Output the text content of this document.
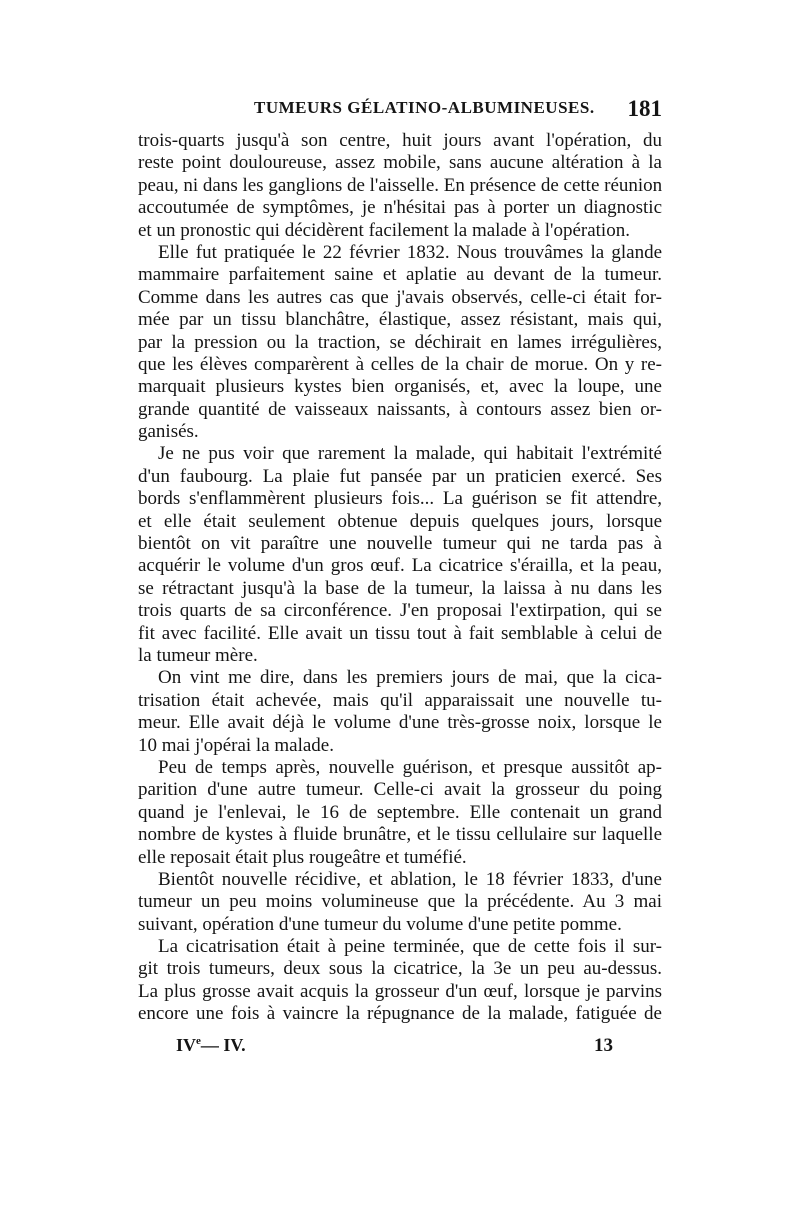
TUMEURS GÉLATINO-ALBUMINEUSES. 181
trois-quarts jusqu'à son centre, huit jours avant l'opération, du
reste point douloureuse, assez mobile, sans aucune altération à la
peau, ni dans les ganglions de l'aisselle. En présence de cette réunion
accoutumée de symptômes, je n'hésitai pas à porter un diagnostic
et un pronostic qui décidèrent facilement la malade à l'opération.
Elle fut pratiquée le 22 février 1832. Nous trouvâmes la glande
mammaire parfaitement saine et aplatie au devant de la tumeur.
Comme dans les autres cas que j'avais observés, celle-ci était for-
mée par un tissu blanchâtre, élastique, assez résistant, mais qui,
par la pression ou la traction, se déchirait en lames irrégulières,
que les élèves comparèrent à celles de la chair de morue. On y re-
marquait plusieurs kystes bien organisés, et, avec la loupe, une
grande quantité de vaisseaux naissants, à contours assez bien or-
ganisés.
Je ne pus voir que rarement la malade, qui habitait l'extrémité
d'un faubourg. La plaie fut pansée par un praticien exercé. Ses
bords s'enflammèrent plusieurs fois... La guérison se fit attendre,
et elle était seulement obtenue depuis quelques jours, lorsque
bientôt on vit paraître une nouvelle tumeur qui ne tarda pas à
acquérir le volume d'un gros œuf. La cicatrice s'érailla, et la peau,
se rétractant jusqu'à la base de la tumeur, la laissa à nu dans les
trois quarts de sa circonférence. J'en proposai l'extirpation, qui se
fit avec facilité. Elle avait un tissu tout à fait semblable à celui de
la tumeur mère.
On vint me dire, dans les premiers jours de mai, que la cica-
trisation était achevée, mais qu'il apparaissait une nouvelle tu-
meur. Elle avait déjà le volume d'une très-grosse noix, lorsque le
10 mai j'opérai la malade.
Peu de temps après, nouvelle guérison, et presque aussitôt ap-
parition d'une autre tumeur. Celle-ci avait la grosseur du poing
quand je l'enlevai, le 16 de septembre. Elle contenait un grand
nombre de kystes à fluide brunâtre, et le tissu cellulaire sur laquelle
elle reposait était plus rougeâtre et tuméfié.
Bientôt nouvelle récidive, et ablation, le 18 février 1833, d'une
tumeur un peu moins volumineuse que la précédente. Au 3 mai
suivant, opération d'une tumeur du volume d'une petite pomme.
La cicatrisation était à peine terminée, que de cette fois il sur-
git trois tumeurs, deux sous la cicatrice, la 3e un peu au-dessus.
La plus grosse avait acquis la grosseur d'un œuf, lorsque je parvins
encore une fois à vaincre la répugnance de la malade, fatiguée de
IVe— IV.	13
